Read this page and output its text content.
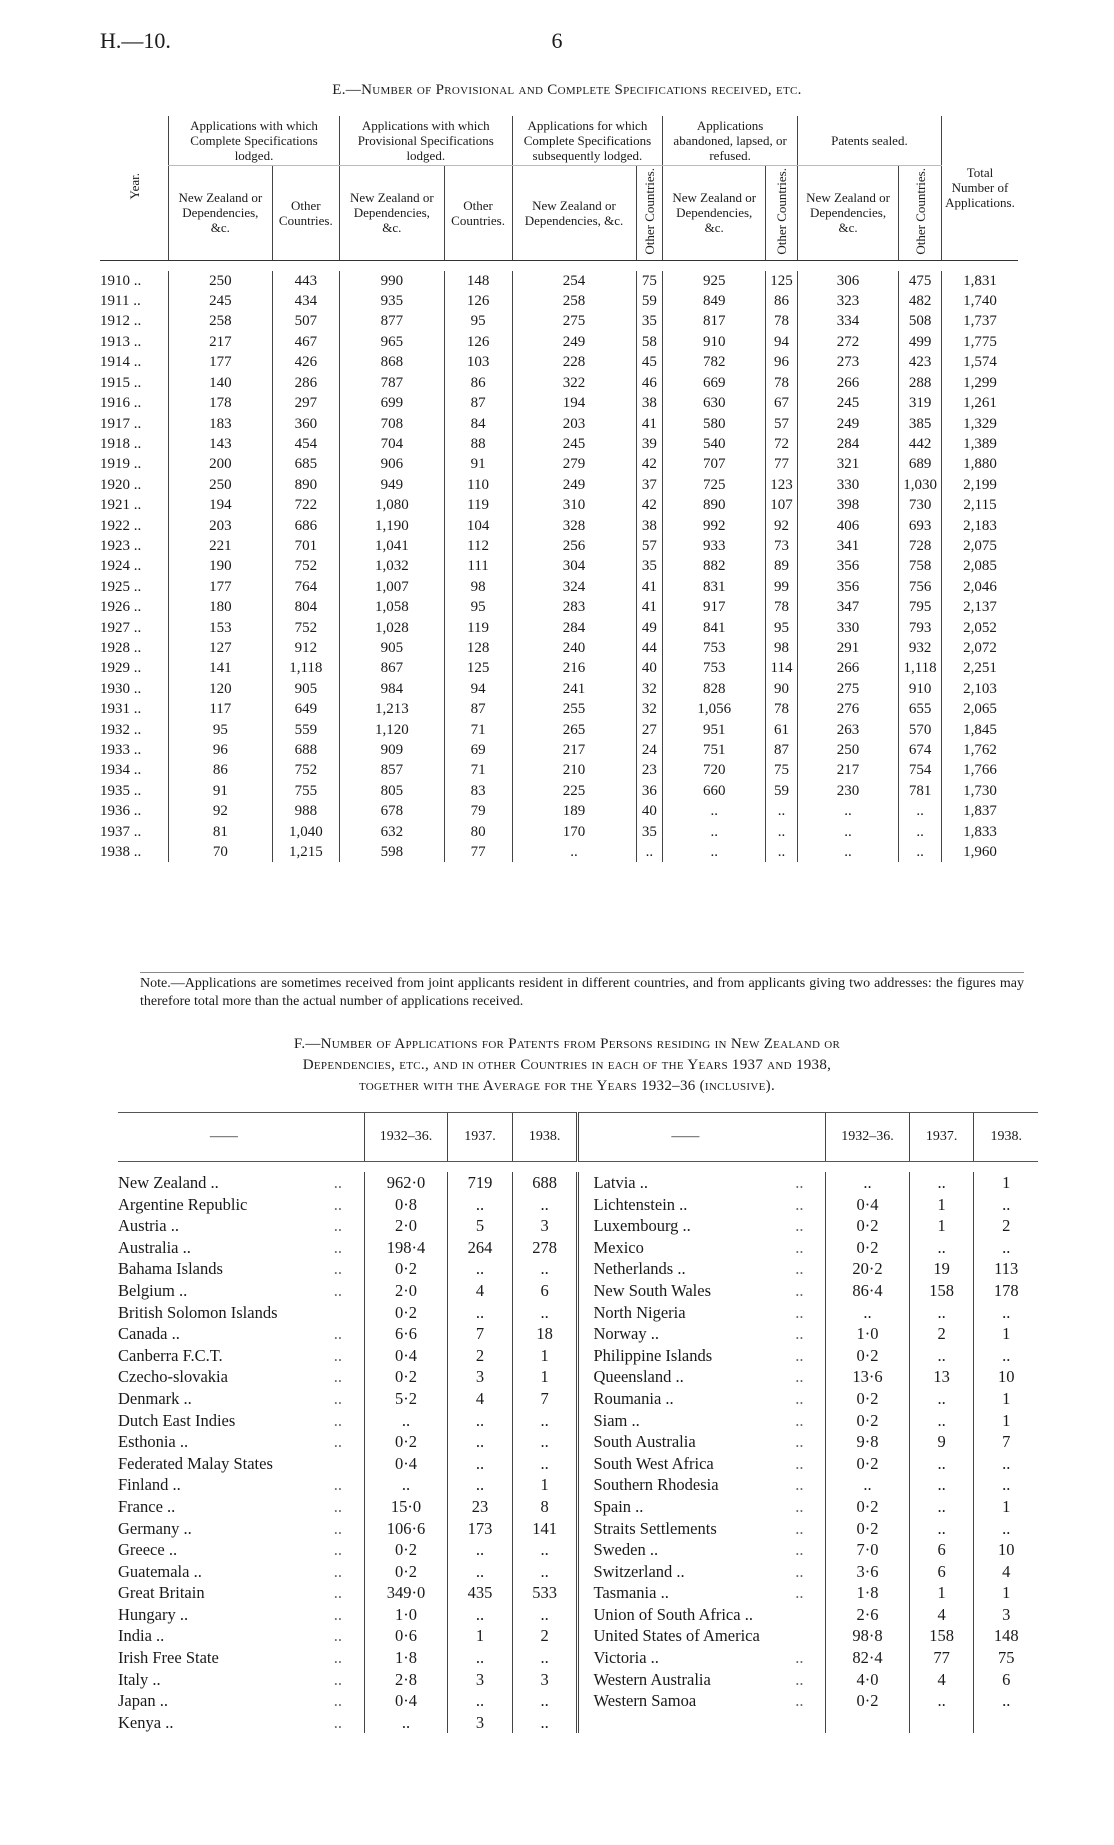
H.—10.	6
E.—Number of Provisional and Complete Specifications received, etc.
Year.	Applications with which Complete Specifications lodged.		Applications with which Provisional Specifications lodged.		Applications for which Complete Specifications subsequently lodged.		Applications abandoned, lapsed, or refused.		Patents sealed.		Total Number of Applications.
	New Zealand or Dependencies, &c.	Other Countries.	New Zealand or Dependencies, &c.	Other Countries.	New Zealand or Dependencies, &c.	Other Countries.	New Zealand or Dependencies, &c.	Other Countries.	New Zealand or Dependencies, &c.	Other Countries.	

1910 ..	250	443	990	148	254	75	925	125	306	475	1,831
1911 ..	245	434	935	126	258	59	849	86	323	482	1,740
1912 ..	258	507	877	95	275	35	817	78	334	508	1,737
1913 ..	217	467	965	126	249	58	910	94	272	499	1,775
1914 ..	177	426	868	103	228	45	782	96	273	423	1,574
1915 ..	140	286	787	86	322	46	669	78	266	288	1,299
1916 ..	178	297	699	87	194	38	630	67	245	319	1,261
1917 ..	183	360	708	84	203	41	580	57	249	385	1,329
1918 ..	143	454	704	88	245	39	540	72	284	442	1,389
1919 ..	200	685	906	91	279	42	707	77	321	689	1,880
1920 ..	250	890	949	110	249	37	725	123	330	1,030	2,199
1921 ..	194	722	1,080	119	310	42	890	107	398	730	2,115
1922 ..	203	686	1,190	104	328	38	992	92	406	693	2,183
1923 ..	221	701	1,041	112	256	57	933	73	341	728	2,075
1924 ..	190	752	1,032	111	304	35	882	89	356	758	2,085
1925 ..	177	764	1,007	98	324	41	831	99	356	756	2,046
1926 ..	180	804	1,058	95	283	41	917	78	347	795	2,137
1927 ..	153	752	1,028	119	284	49	841	95	330	793	2,052
1928 ..	127	912	905	128	240	44	753	98	291	932	2,072
1929 ..	141	1,118	867	125	216	40	753	114	266	1,118	2,251
1930 ..	120	905	984	94	241	32	828	90	275	910	2,103
1931 ..	117	649	1,213	87	255	32	1,056	78	276	655	2,065
1932 ..	95	559	1,120	71	265	27	951	61	263	570	1,845
1933 ..	96	688	909	69	217	24	751	87	250	674	1,762
1934 ..	86	752	857	71	210	23	720	75	217	754	1,766
1935 ..	91	755	805	83	225	36	660	59	230	781	1,730
1936 ..	92	988	678	79	189	40	..	..	..	..	1,837
1937 ..	81	1,040	632	80	170	35	..	..	..	..	1,833
1938 ..	70	1,215	598	77	..	..	..	..	..	..	1,960
Note.—Applications are sometimes received from joint applicants resident in different countries, and from applicants giving two addresses: the figures may therefore total more than the actual number of applications received.
F.—Number of Applications for Patents from Persons residing in New Zealand or
Dependencies, etc., and in other Countries in each of the Years 1937 and 1938,
together with the Average for the Years 1932–36 (inclusive).
——		1932–36.	1937.	1938.	——		1932–36.	1937.	1938.

New Zealand ..	..	962·0	719	688	Latvia ..	..	..	..	1
Argentine Republic	..	0·8	..	..	Lichtenstein ..	..	0·4	1	..
Austria ..	..	2·0	5	3	Luxembourg ..	..	0·2	1	2
Australia ..	..	198·4	264	278	Mexico	..	0·2	..	..
Bahama Islands	..	0·2	..	..	Netherlands ..	..	20·2	19	113
Belgium ..	..	2·0	4	6	New South Wales	..	86·4	158	178
British Solomon Islands		0·2	..	..	North Nigeria	..	..	..	..
Canada ..	..	6·6	7	18	Norway ..	..	1·0	2	1
Canberra F.C.T.	..	0·4	2	1	Philippine Islands	..	0·2	..	..
Czecho-slovakia	..	0·2	3	1	Queensland ..	..	13·6	13	10
Denmark ..	..	5·2	4	7	Roumania ..	..	0·2	..	1
Dutch East Indies	..	..	..	..	Siam ..	..	0·2	..	1
Esthonia ..	..	0·2	..	..	South Australia	..	9·8	9	7
Federated Malay States		0·4	..	..	South West Africa	..	0·2	..	..
Finland ..	..	..	..	1	Southern Rhodesia	..	..	..	..
France ..	..	15·0	23	8	Spain ..	..	0·2	..	1
Germany ..	..	106·6	173	141	Straits Settlements	..	0·2	..	..
Greece ..	..	0·2	..	..	Sweden ..	..	7·0	6	10
Guatemala ..	..	0·2	..	..	Switzerland ..	..	3·6	6	4
Great Britain	..	349·0	435	533	Tasmania ..	..	1·8	1	1
Hungary ..	..	1·0	..	..	Union of South Africa ..		2·6	4	3
India ..	..	0·6	1	2	United States of America		98·8	158	148
Irish Free State	..	1·8	..	..	Victoria ..	..	82·4	77	75
Italy ..	..	2·8	3	3	Western Australia	..	4·0	4	6
Japan ..	..	0·4	..	..	Western Samoa	..	0·2	..	..
Kenya ..	..	..	3	..					
